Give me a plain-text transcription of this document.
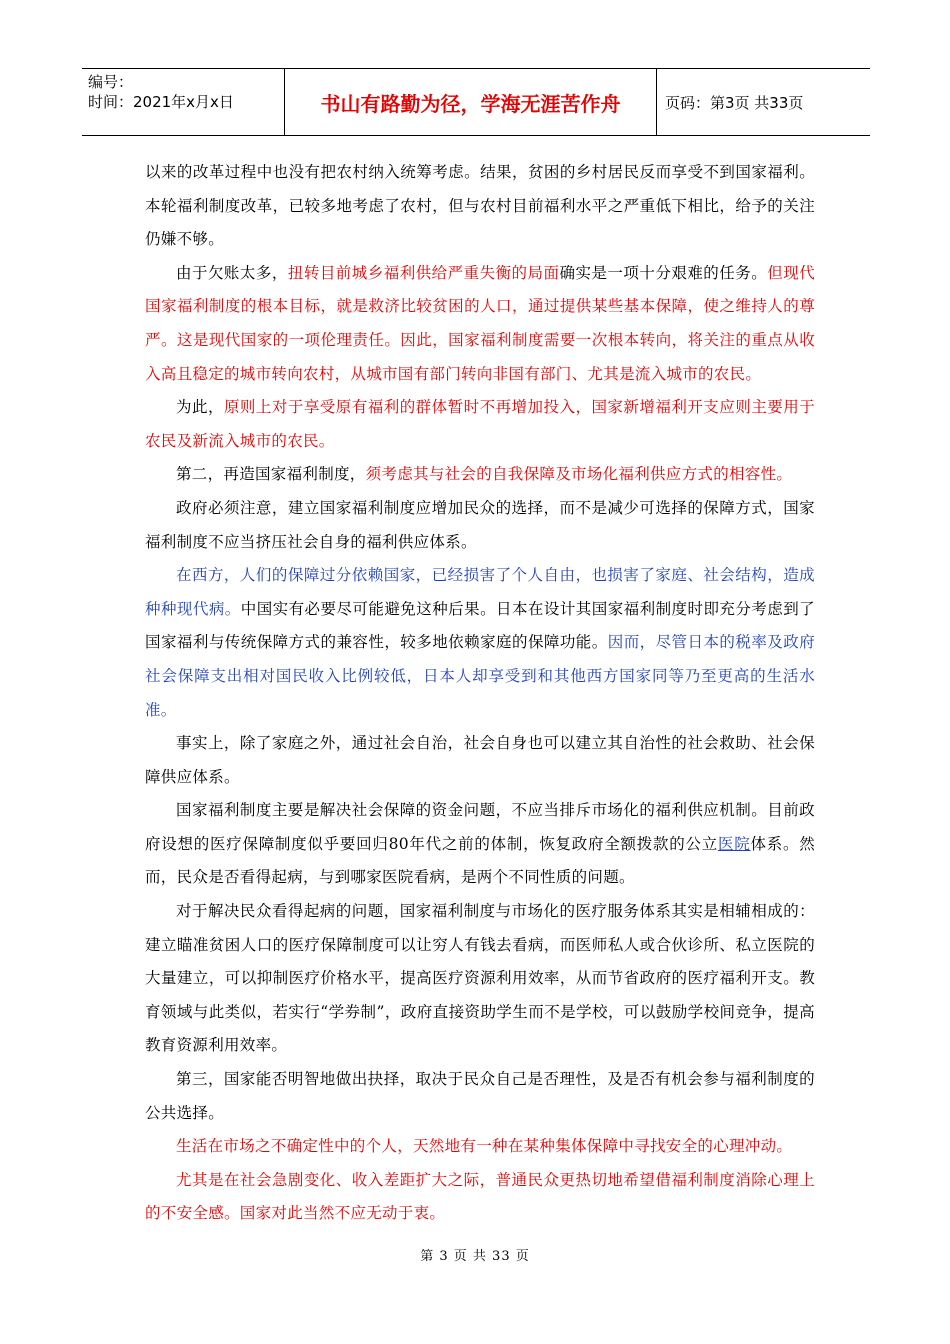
编号：
时间：2021年x月x日	书山有路勤为径，学海无涯苦作舟	页码：第3页 共33页

以来的改革过程中也没有把农村纳入统筹考虑。结果，贫困的乡村居民反而享受不到国家福利。本轮福利制度改革，已较多地考虑了农村，但与农村目前福利水平之严重低下相比，给予的关注仍嫌不够。

由于欠账太多，扭转目前城乡福利供给严重失衡的局面确实是一项十分艰难的任务。但现代国家福利制度的根本目标，就是救济比较贫困的人口，通过提供某些基本保障，使之维持人的尊严。这是现代国家的一项伦理责任。因此，国家福利制度需要一次根本转向，将关注的重点从收入高且稳定的城市转向农村，从城市国有部门转向非国有部门、尤其是流入城市的农民。

为此，原则上对于享受原有福利的群体暂时不再增加投入，国家新增福利开支应则主要用于农民及新流入城市的农民。

第二，再造国家福利制度，须考虑其与社会的自我保障及市场化福利供应方式的相容性。

政府必须注意，建立国家福利制度应增加民众的选择，而不是减少可选择的保障方式，国家福利制度不应当挤压社会自身的福利供应体系。

在西方，人们的保障过分依赖国家，已经损害了个人自由，也损害了家庭、社会结构，造成种种现代病。中国实有必要尽可能避免这种后果。日本在设计其国家福利制度时即充分考虑到了国家福利与传统保障方式的兼容性，较多地依赖家庭的保障功能。因而，尽管日本的税率及政府社会保障支出相对国民收入比例较低，日本人却享受到和其他西方国家同等乃至更高的生活水准。

事实上，除了家庭之外，通过社会自治，社会自身也可以建立其自治性的社会救助、社会保障供应体系。

国家福利制度主要是解决社会保障的资金问题，不应当排斥市场化的福利供应机制。目前政府设想的医疗保障制度似乎要回归80年代之前的体制，恢复政府全额拨款的公立医院体系。然而，民众是否看得起病，与到哪家医院看病，是两个不同性质的问题。

对于解决民众看得起病的问题，国家福利制度与市场化的医疗服务体系其实是相辅相成的：建立瞄准贫困人口的医疗保障制度可以让穷人有钱去看病，而医师私人或合伙诊所、私立医院的大量建立，可以抑制医疗价格水平，提高医疗资源利用效率，从而节省政府的医疗福利开支。教育领域与此类似，若实行“学券制”，政府直接资助学生而不是学校，可以鼓励学校间竞争，提高教育资源利用效率。

第三，国家能否明智地做出抉择，取决于民众自己是否理性，及是否有机会参与福利制度的公共选择。

生活在市场之不确定性中的个人，天然地有一种在某种集体保障中寻找安全的心理冲动。

尤其是在社会急剧变化、收入差距扩大之际，普通民众更热切地希望借福利制度消除心理上的不安全感。国家对此当然不应无动于衷。

第 3 页 共 33 页
